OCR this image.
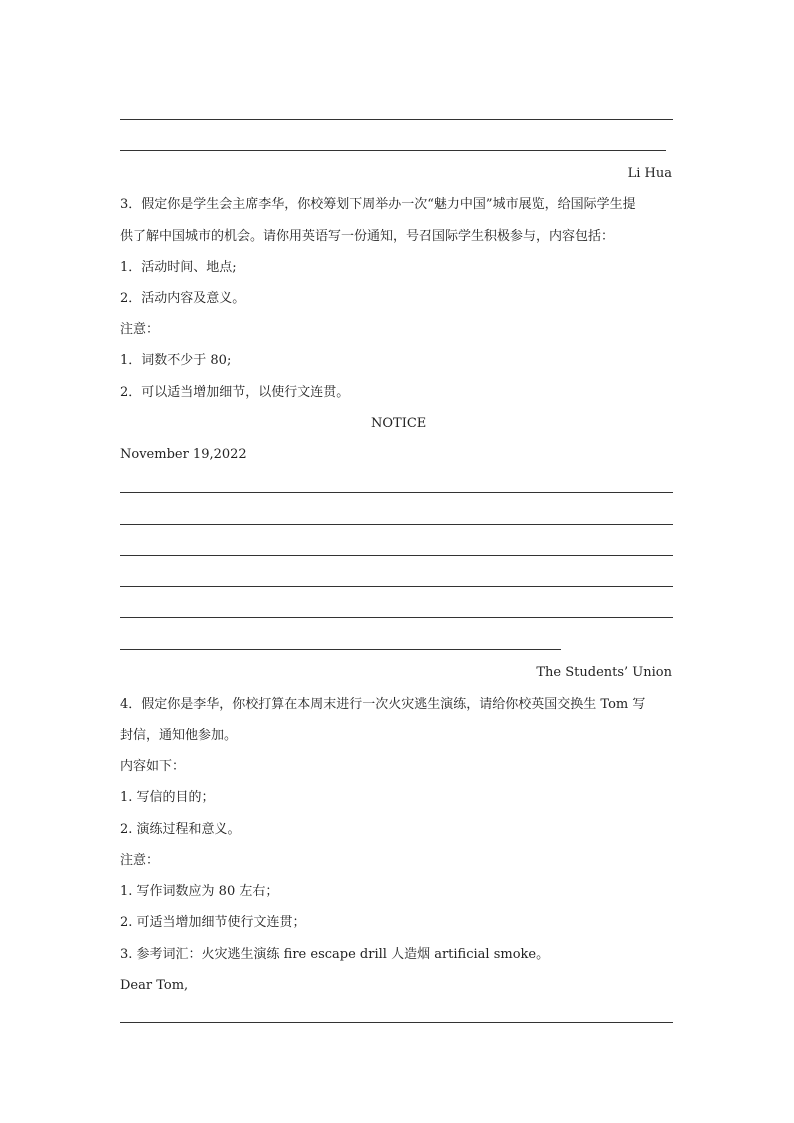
Li Hua
3．假定你是学生会主席李华，你校筹划下周举办一次“魅力中国”城市展览，给国际学生提
供了解中国城市的机会。请你用英语写一份通知，号召国际学生积极参与，内容包括：
1．活动时间、地点;
2．活动内容及意义。
注意：
1．词数不少于 80;
2．可以适当增加细节，以使行文连贯。
NOTICE
November 19,2022
The Students’ Union
4．假定你是李华，你校打算在本周末进行一次火灾逃生演练，请给你校英国交换生 Tom 写
封信，通知他参加。
内容如下：
1. 写信的目的；
2. 演练过程和意义。
注意：
1. 写作词数应为 80 左右；
2. 可适当增加细节使行文连贯；
3. 参考词汇：火灾逃生演练 fire escape drill 人造烟 artificial smoke。
Dear Tom,
